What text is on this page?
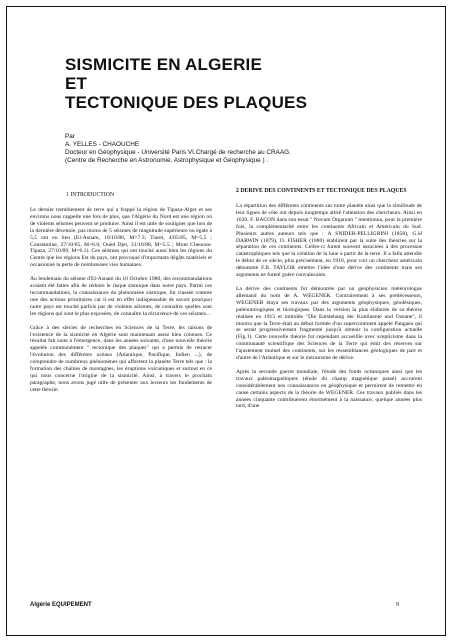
SISMICITE EN ALGERIE
ET
TECTONIQUE DES PLAQUES
Par
A. YELLES - CHAOUCHE
Docteur en Géophysique - Université Paris VI.Chargé de recherche au CRAAG.
(Centre de Recherche en Astronomie, Astrophysique et Géophysique ) .
1 INTRODUCTION

Le dernier tremblement de terre qui a frappé la région de Tipaza-Alger et ses environs nous rappelle une fois de plus, que l'Algérie du Nord est une région où de violents séismes peuvent se produire. Ainsi il est utile de souligner que lors de la dernière décennie, pas moins de 5 séismes de magnitude supérieure ou égale à 5,5 ont eu lieu (El-Asnam, 10/10/80, M=7.3; Tiaret, 4/05/85, M=5,5 ; Constantine, 27/10/85, M=6.0; Oued Djer, 31/10/88, M=5.5 ; Mont Chenoua-Tipaza, 27/10/89, M=6.1). Ces séismes qui ont touché aussi bien les régions du Centre que les régions Est du pays, ont provoqué d'importants dégâts matériels et occasionné la perte de nombreuses vies humaines.

Au lendemain du séisme d'El-Asnam du 10 Octobre 1980, des recommandations avaient été faites afin de réduire le risque sismique dans notre pays. Parmi ces recommandations, la connaissance du phénomène sismique, fut classée comme une des actions prioritaires car il est en effet indispensable de savoir pourquoi notre pays est touché parfois par de violents séismes, de connaître quelles sont les régions qui sont le plus exposées, de connaître la récurrence de ces séismes...

Grâce à des siècles de recherches en Sciences de la Terre, les raisons de l'existence de la sismicité en Algérie sont maintenant assez bien connues. Ce résultat fait suite à l'émergence, dans les années soixante, d'une nouvelle théorie appelée communément " tectonique des plaques" qui a permis de retracer l'évolution des différents océans (Atlantique, Pacifique, Indien ...), de comprendre de nombreux phénomènes qui affectent la planète Terre tels que : la formation des chaînes de montagnes, les éruptions volcaniques et surtout en ce qui nous concerne l'origine de la sismicité. Ainsi, à travers le prochain paragraphe, nous avons jugé utile de présenter aux lecteurs les fondements de cette théorie.

2 DERIVE DES CONTINENTS ET TECTONIQUE DES PLAQUES

La répartition des différents continents sur notre planète ainsi que la similitude de leur lignes de côte ont depuis longtemps attiré l'attention des chercheurs. Ainsi en 1620, F. BACON dans son essai " Novum Organum " mentionna, pour la première fois, la complémentarité entre les continents Africain et Américain du Sud. Plusieurs autres auteurs tels que : A SNIDER-PELLIGRINI (1858), G.H DARWIN (1879), O. FISHER (1880) établirent par la suite des théories sur la séparation de ces continents. Celles-ci furent souvent associées à des processus catastrophiques tels que la création de la lune à partir de la terre. Il a fallu attendre le début de ce siècle, plus précisément, en 1910, pour voir un chercheur américain dénommé F.B. TAYLOR émettre l'idée d'une dérive des continents mais ses arguments ne furent guère convaincants.

La dérive des continents fut démontrée par un géophysicien météorologue allemand du nom de A. WEGENER. Contrairement à ses prédécesseurs, WEGENER étaya ses travaux par des arguments géophysiques, géodésiques, paléontologiques et biologiques. Dans la version la plus élaborée de sa théorie réalisée en 1915 et intitulée "Die Entstehung der Kontinente und Ozeane", il montra que la Terre était au début formée d'un supercontinent appelé Pangaea qui se serait progressivement fragmenté jusqu'à obtenir la configuration actuelle (Fig.1). Cette nouvelle théorie fut cependant accueillie avec scepticisme dans la communauté scientifique des Sciences de la Terre qui émit des réserves sur l'ajustement mutuel des continents, sur les ressemblances géologiques de part et d'autre de l'Atlantique et sur le mécanisme de dérive.

Après la seconde guerre mondiale, l'étude des fonds océaniques ainsi que les travaux paléomagnétiques (étude du champ magnétique passé) accrurent considérablement nos connaissances en géophysique et permirent de remettre en cause certains aspects de la théorie de WEGENER. Ces travaux publiés dans les années cinquante contribuèrent énormément à la naissance, quelque années plus tard, d'une

Algérie EQUIPEMENT	9
